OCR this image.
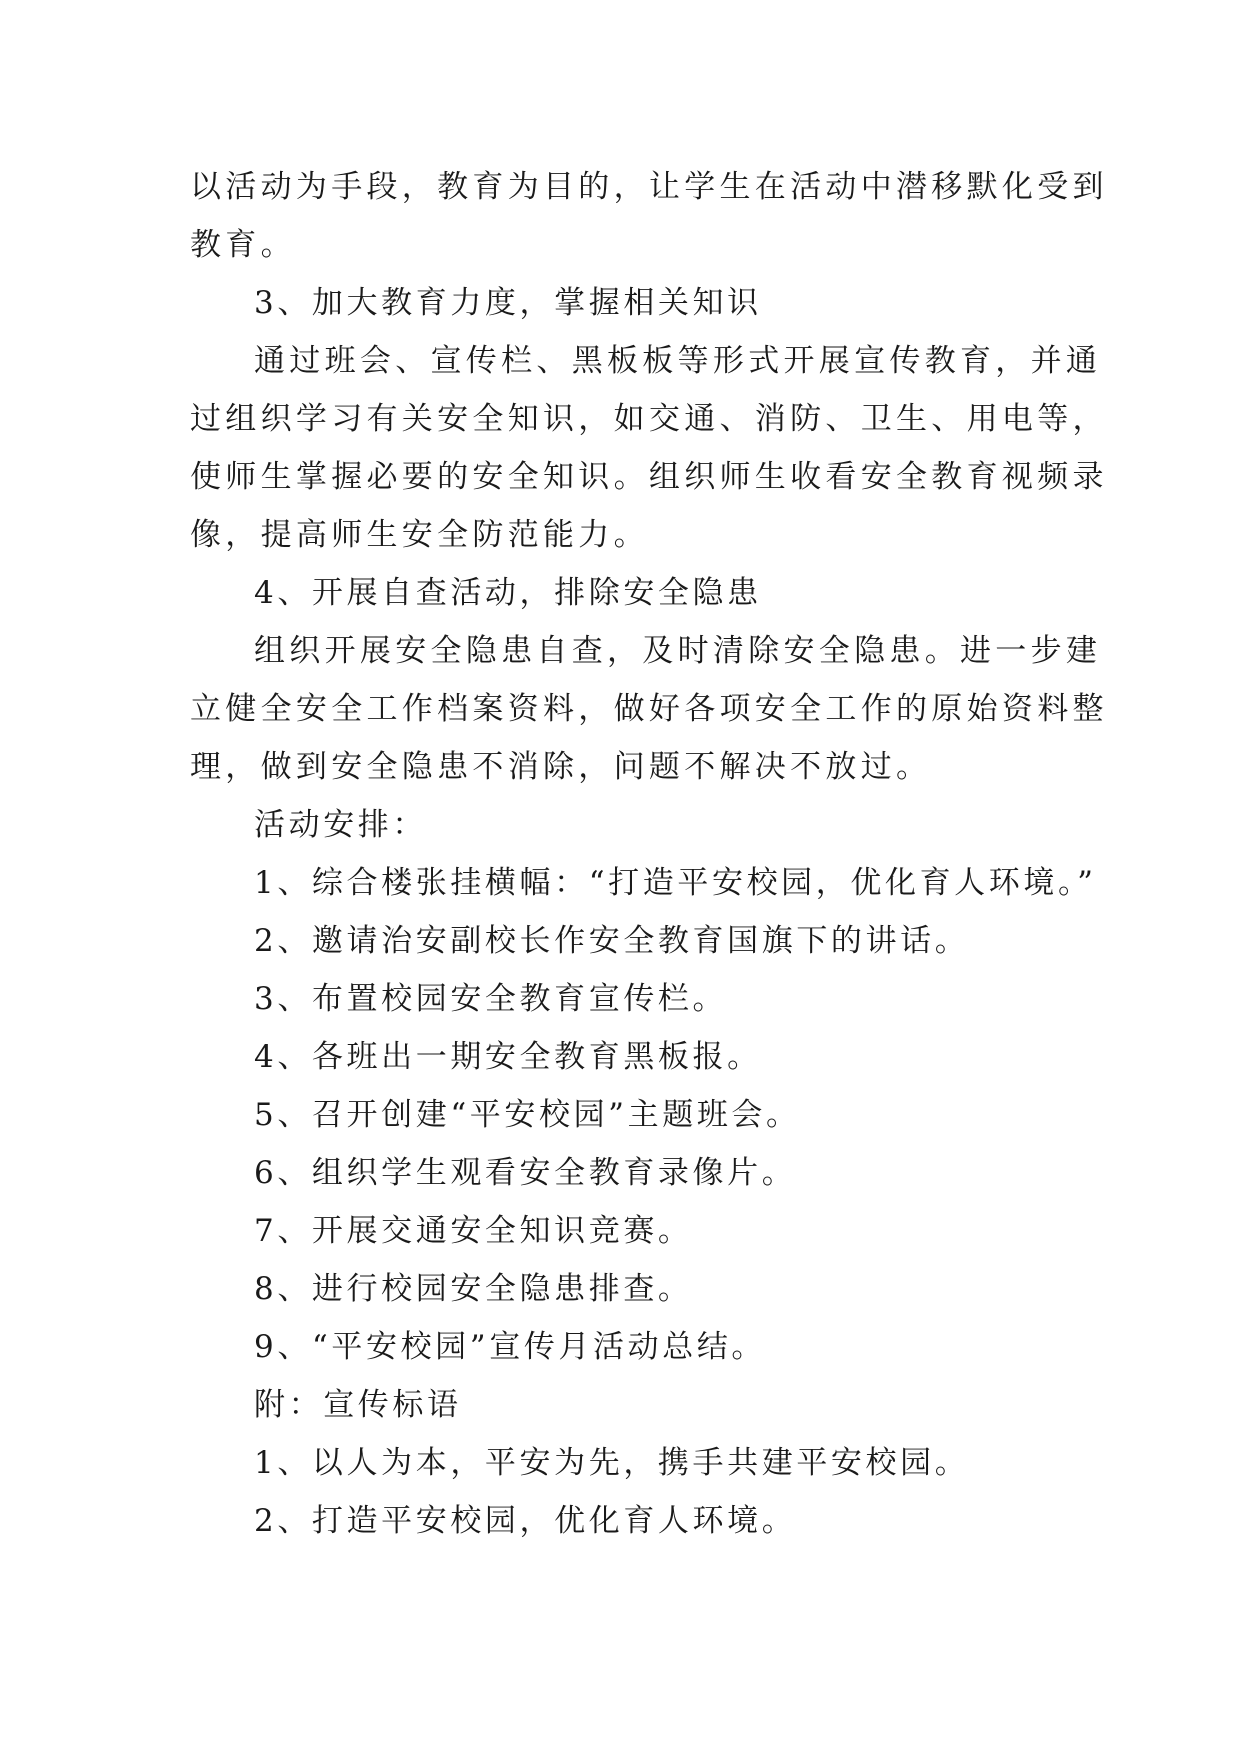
以活动为手段，教育为目的，让学生在活动中潜移默化受到
教育。
3、加大教育力度，掌握相关知识
通过班会、宣传栏、黑板板等形式开展宣传教育，并通
过组织学习有关安全知识，如交通、消防、卫生、用电等，
使师生掌握必要的安全知识。组织师生收看安全教育视频录
像，提高师生安全防范能力。
4、开展自查活动，排除安全隐患
组织开展安全隐患自查，及时清除安全隐患。进一步建
立健全安全工作档案资料，做好各项安全工作的原始资料整
理，做到安全隐患不消除，问题不解决不放过。
活动安排：
1、综合楼张挂横幅：“打造平安校园，优化育人环境。”
2、邀请治安副校长作安全教育国旗下的讲话。
3、布置校园安全教育宣传栏。
4、各班出一期安全教育黑板报。
5、召开创建“平安校园”主题班会。
6、组织学生观看安全教育录像片。
7、开展交通安全知识竞赛。
8、进行校园安全隐患排查。
9、“平安校园”宣传月活动总结。
附：宣传标语
1、以人为本，平安为先，携手共建平安校园。
2、打造平安校园，优化育人环境。
